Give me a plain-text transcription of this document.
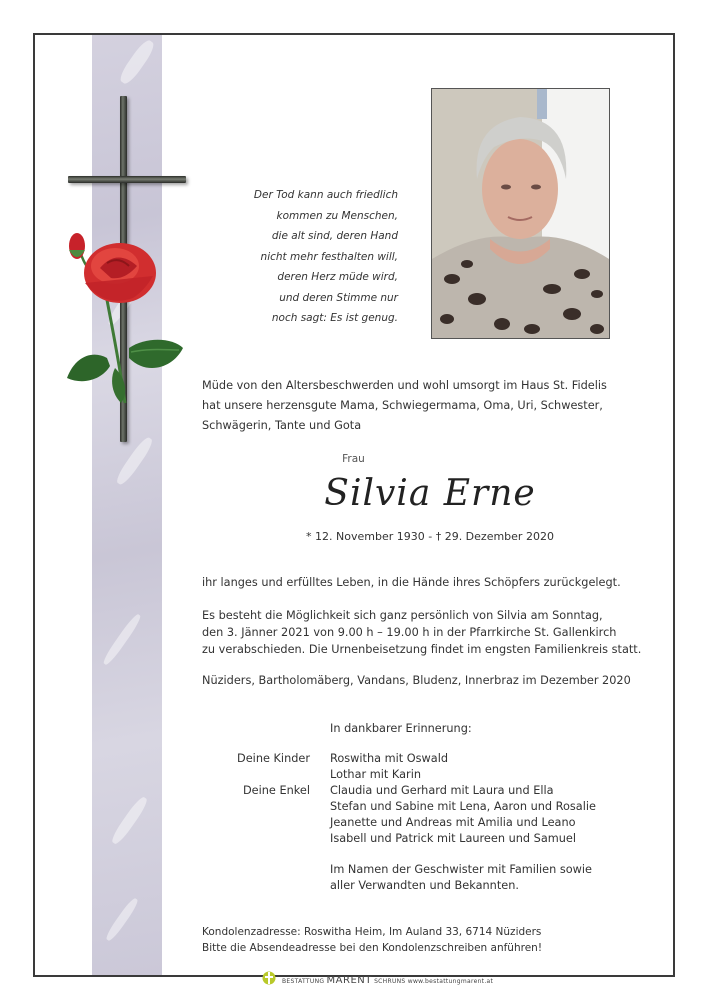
Der Tod kann auch friedlich
kommen zu Menschen,
die alt sind, deren Hand
nicht mehr festhalten will,
deren Herz müde wird,
und deren Stimme nur
noch sagt: Es ist genug.
Müde von den Altersbeschwerden und wohl umsorgt im Haus St. Fidelis
hat unsere herzensgute Mama, Schwiegermama, Oma, Uri, Schwester,
Schwägerin, Tante und Gota
Frau
Silvia Erne
* 12. November 1930 - † 29. Dezember 2020
ihr langes und erfülltes Leben, in die Hände ihres Schöpfers zurückgelegt.
Es besteht die Möglichkeit sich ganz persönlich von Silvia am Sonntag,
den 3. Jänner 2021 von 9.00 h – 19.00 h in der Pfarrkirche St. Gallenkirch
zu verabschieden. Die Urnenbeisetzung findet im engsten Familienkreis statt.
Nüziders, Bartholomäberg, Vandans, Bludenz, Innerbraz im Dezember 2020
In dankbarer Erinnerung:
Deine Kinder Roswitha mit Oswald
Lothar mit Karin
Deine Enkel Claudia und Gerhard mit Laura und Ella
Stefan und Sabine mit Lena, Aaron und Rosalie
Jeanette und Andreas mit Amilia und Leano
Isabell und Patrick mit Laureen und Samuel
Im Namen der Geschwister mit Familien sowie
aller Verwandten und Bekannten.
Kondolenzadresse: Roswitha Heim, Im Auland 33, 6714 Nüziders
Bitte die Absendeadresse bei den Kondolenzschreiben anführen!
BESTATTUNG MARENT SCHRUNS www.bestattungmarent.at
